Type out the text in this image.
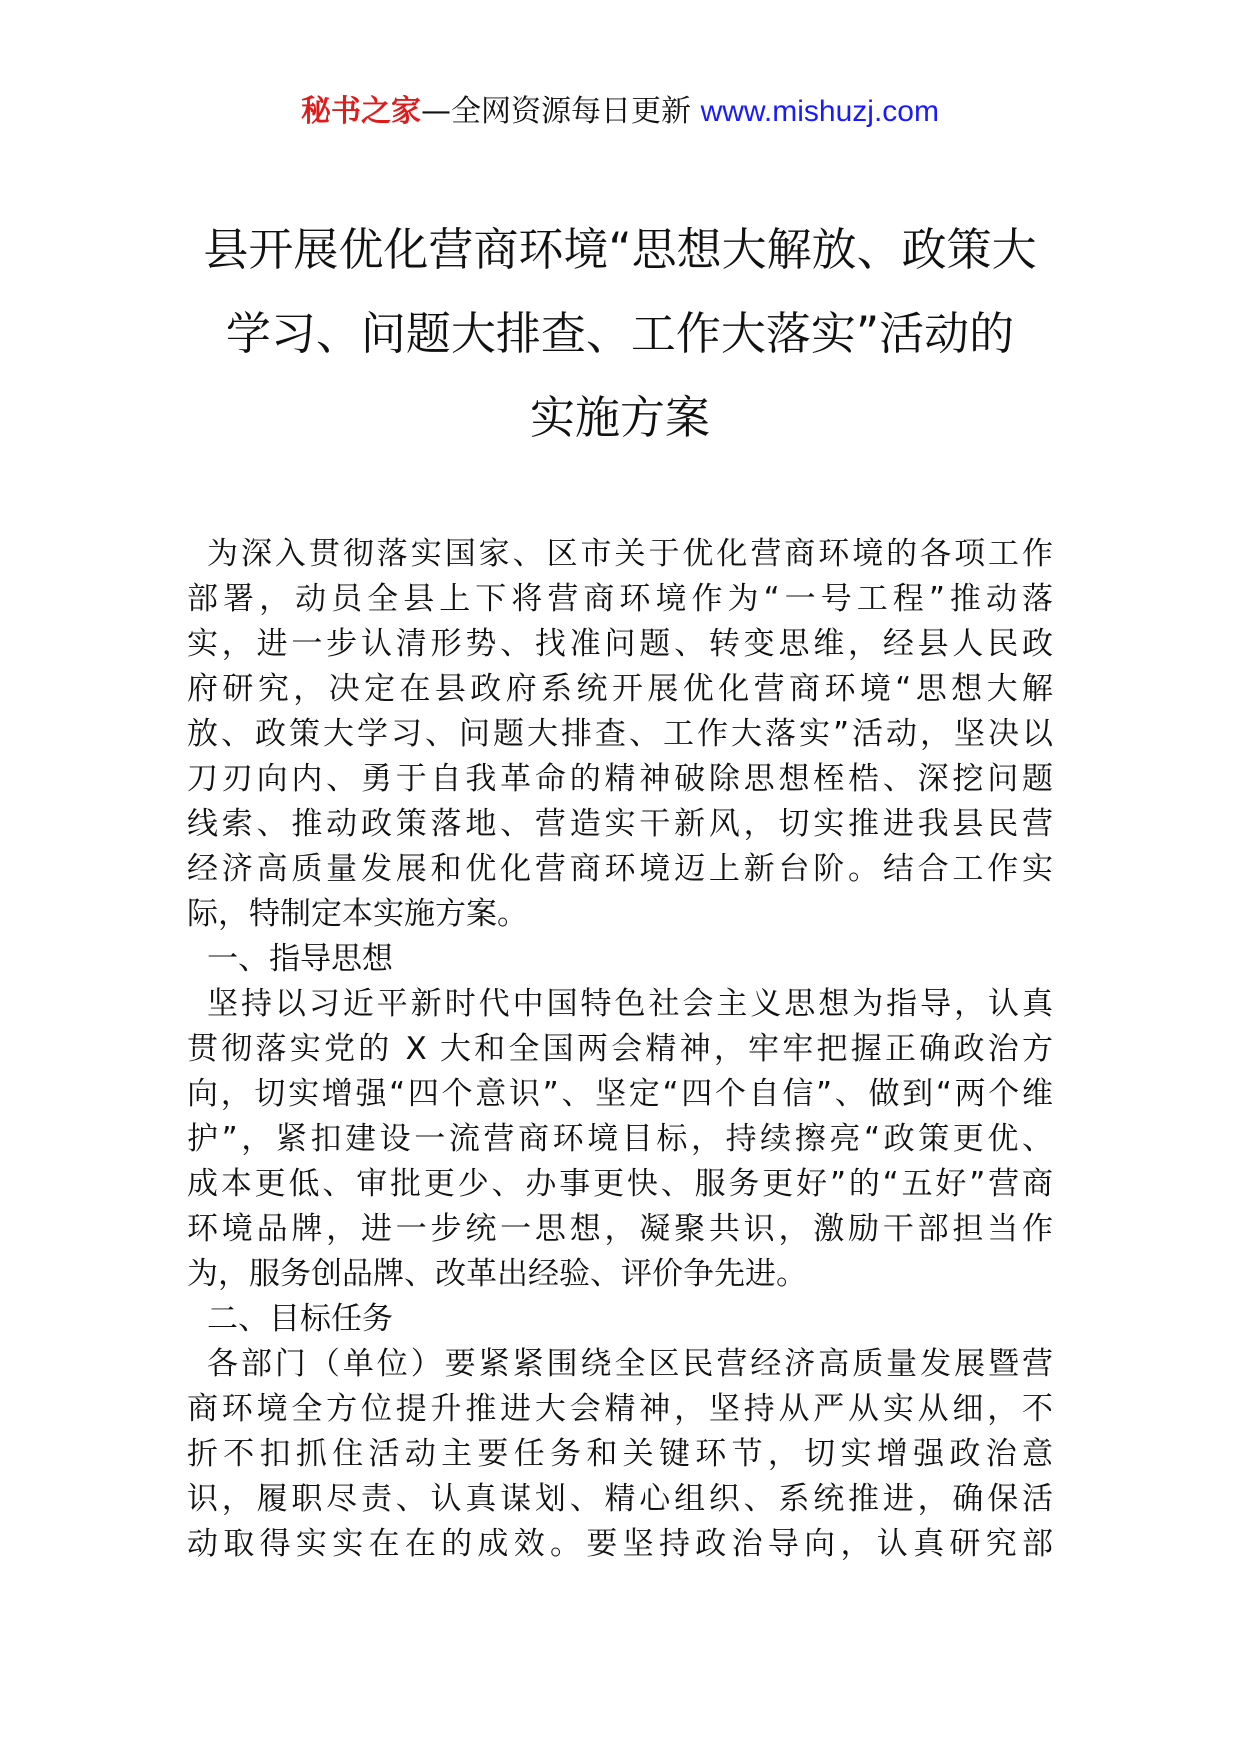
秘书之家—全网资源每日更新 www.mishuzj.com
县开展优化营商环境“思想大解放、政策大
学习、问题大排查、工作大落实”活动的
实施方案
为深入贯彻落实国家、区市关于优化营商环境的各项工作
部署，动员全县上下将营商环境作为“一号工程”推动落
实，进一步认清形势、找准问题、转变思维，经县人民政
府研究，决定在县政府系统开展优化营商环境“思想大解
放、政策大学习、问题大排查、工作大落实”活动，坚决以
刀刃向内、勇于自我革命的精神破除思想桎梏、深挖问题
线索、推动政策落地、营造实干新风，切实推进我县民营
经济高质量发展和优化营商环境迈上新台阶。结合工作实
际，特制定本实施方案。
一、指导思想
坚持以习近平新时代中国特色社会主义思想为指导，认真
贯彻落实党的 X 大和全国两会精神，牢牢把握正确政治方
向，切实增强“四个意识”、坚定“四个自信”、做到“两个维
护”，紧扣建设一流营商环境目标，持续擦亮“政策更优、
成本更低、审批更少、办事更快、服务更好”的“五好”营商
环境品牌，进一步统一思想，凝聚共识，激励干部担当作
为，服务创品牌、改革出经验、评价争先进。
二、目标任务
各部门（单位）要紧紧围绕全区民营经济高质量发展暨营
商环境全方位提升推进大会精神，坚持从严从实从细，不
折不扣抓住活动主要任务和关键环节，切实增强政治意
识，履职尽责、认真谋划、精心组织、系统推进，确保活
动取得实实在在的成效。要坚持政治导向，认真研究部
